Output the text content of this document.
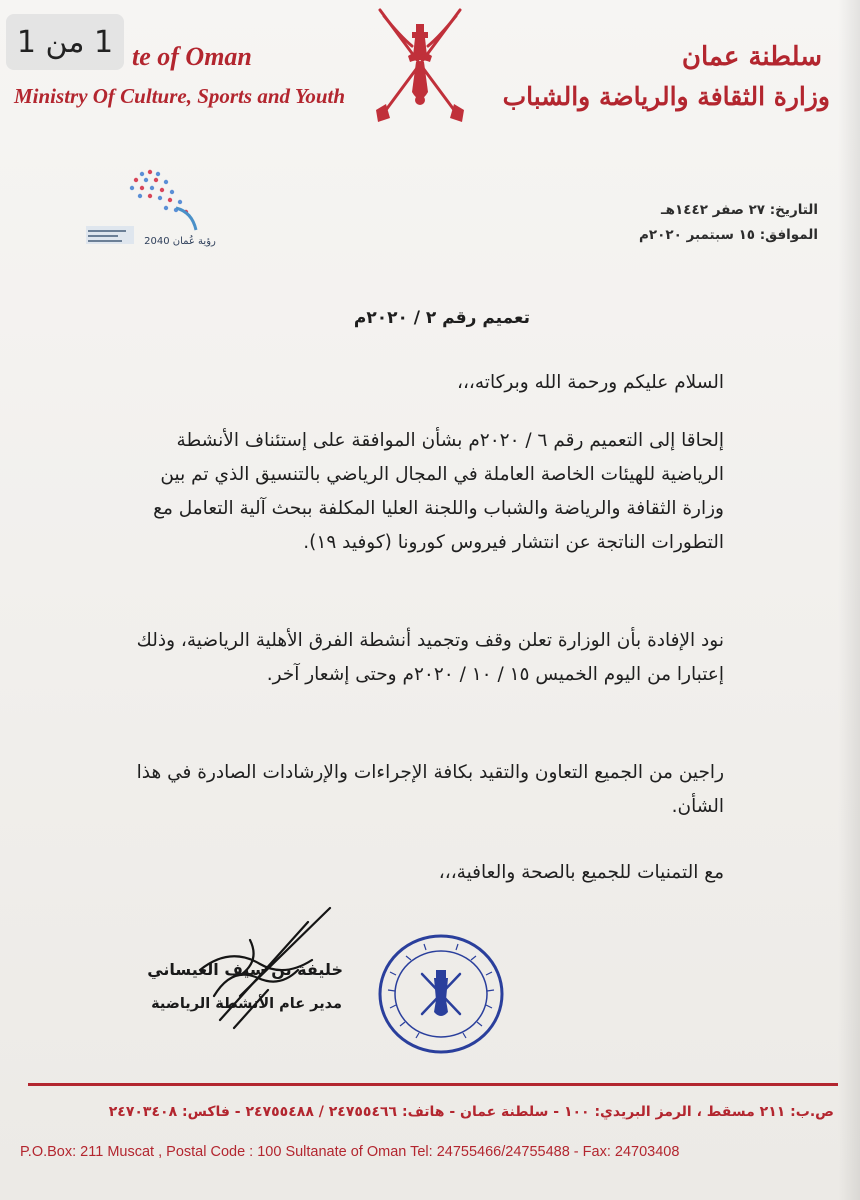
1 من 1 te of Oman
Ministry Of Culture, Sports and Youth
سلطنة عمان
وزارة الثقافة والرياضة والشباب
رؤية عُمان 2040
التاريخ: ٢٧ صفر ١٤٤٢هـ
الموافق: ١٥ سبتمبر ٢٠٢٠م
تعميم رقم ٢ / ٢٠٢٠م
السلام عليكم ورحمة الله وبركاته،،،
إلحاقا إلى التعميم رقم ٦ / ٢٠٢٠م بشأن الموافقة على إستئناف الأنشطة الرياضية للهيئات الخاصة العاملة في المجال الرياضي بالتنسيق الذي تم بين وزارة الثقافة والرياضة والشباب واللجنة العليا المكلفة ببحث آلية التعامل مع التطورات الناتجة عن انتشار فيروس كورونا (كوفيد ١٩).
نود الإفادة بأن الوزارة تعلن وقف وتجميد أنشطة الفرق الأهلية الرياضية، وذلك إعتبارا من اليوم الخميس ١٥ / ١٠ / ٢٠٢٠م وحتى إشعار آخر.
راجين من الجميع التعاون والتقيد بكافة الإجراءات والإرشادات الصادرة في هذا الشأن.
مع التمنيات للجميع بالصحة والعافية،،،
خليفة بن سيف العيساني
مدير عام الأنشطة الرياضية
ص.ب: ٢١١ مسقط ، الرمز البريدي: ١٠٠ - سلطنة عمان - هاتف: ٢٤٧٥٥٤٦٦ / ٢٤٧٥٥٤٨٨ - فاكس: ٢٤٧٠٣٤٠٨
P.O.Box: 211 Muscat , Postal Code : 100 Sultanate of Oman Tel: 24755466/24755488 - Fax: 24703408
